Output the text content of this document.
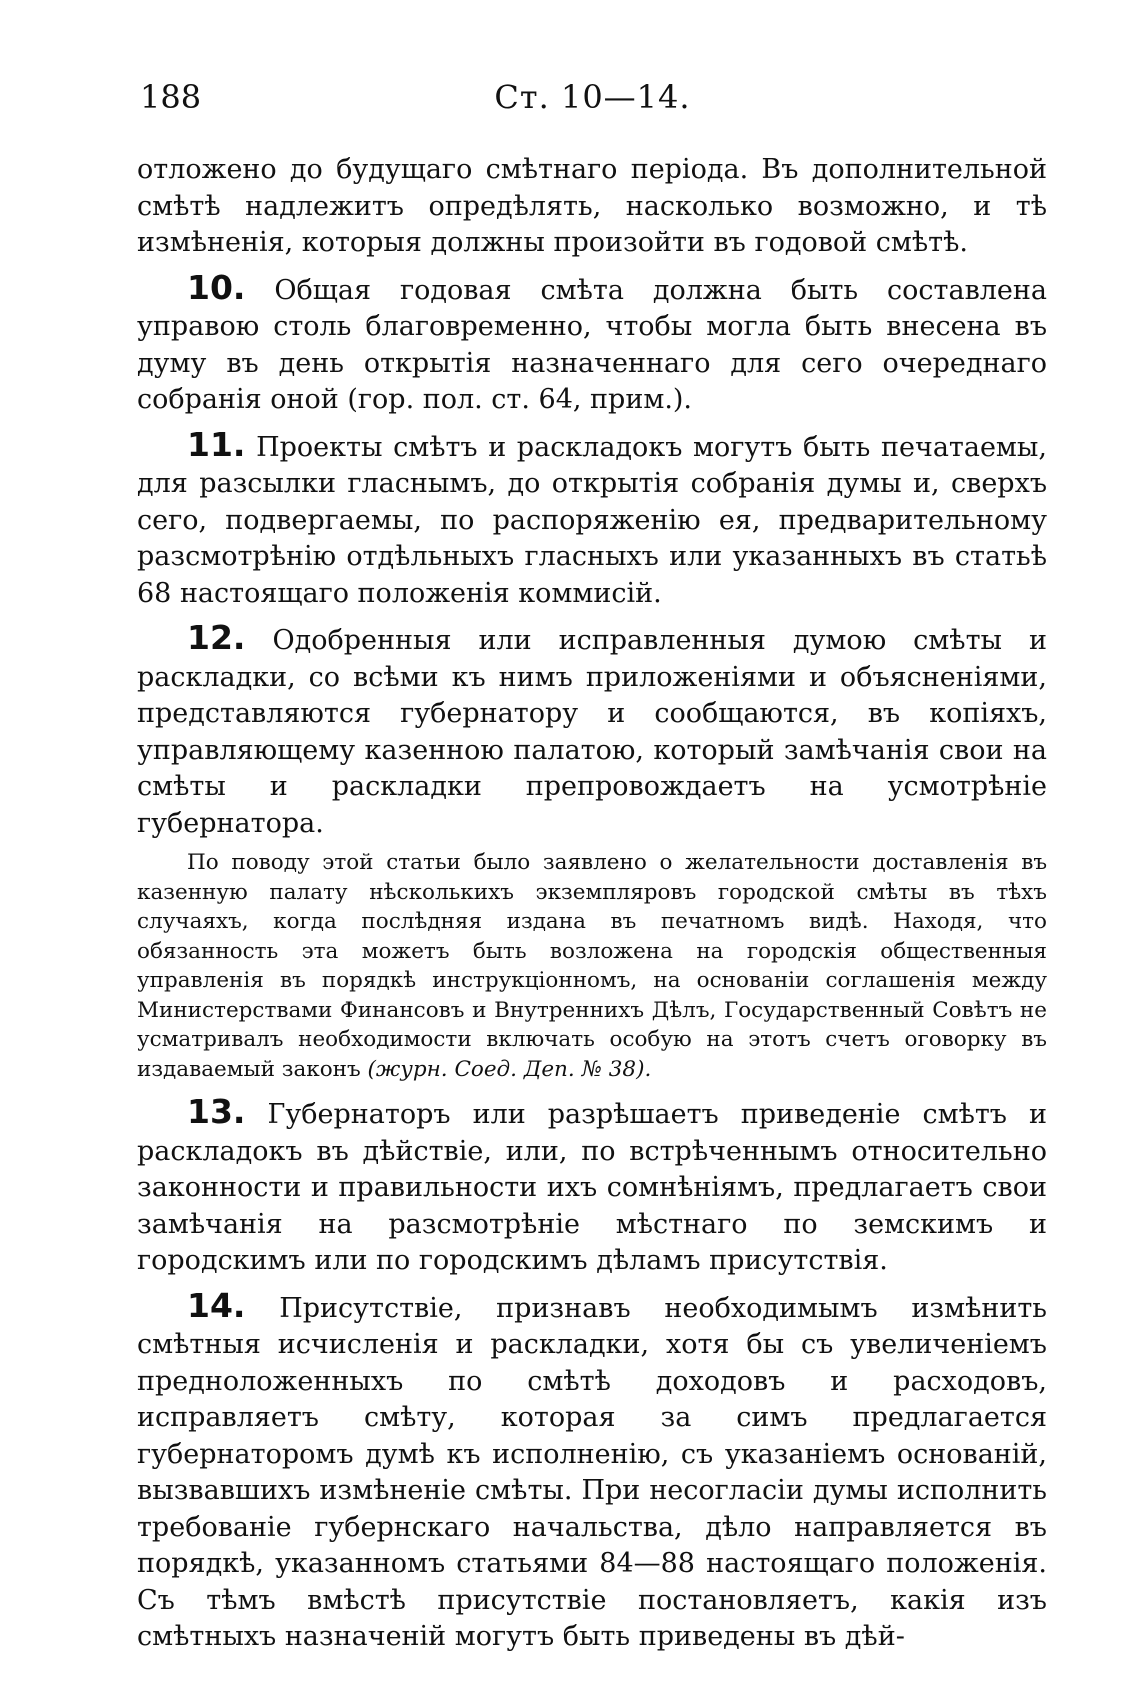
188	Ст. 10—14.

отложено до будущаго смѣтнаго періода. Въ дополнительной смѣтѣ надлежитъ опредѣлять, насколько возможно, и тѣ измѣненія, которыя должны произойти въ годовой смѣтѣ.

10. Общая годовая смѣта должна быть составлена управою столь благовременно, чтобы могла быть внесена въ думу въ день открытія назначеннаго для сего очереднаго собранія оной (гор. пол. ст. 64, прим.).

11. Проекты смѣтъ и раскладокъ могутъ быть печатаемы, для разсылки гласнымъ, до открытія собранія думы и, сверхъ сего, подвергаемы, по распоряженію ея, предварительному разсмотрѣнію отдѣльныхъ гласныхъ или указанныхъ въ статьѣ 68 настоящаго положенія коммисій.

12. Одобренныя или исправленныя думою смѣты и раскладки, со всѣми къ нимъ приложеніями и объясненіями, представляются губернатору и сообщаются, въ копіяхъ, управляющему казенною палатою, который замѣчанія свои на смѣты и раскладки препровождаетъ на усмотрѣніе губернатора.

По поводу этой статьи было заявлено о желательности доставленія въ казенную палату нѣсколькихъ экземпляровъ городской смѣты въ тѣхъ случаяхъ, когда послѣдняя издана въ печатномъ видѣ. Находя, что обязанность эта можетъ быть возложена на городскія общественныя управленія въ порядкѣ инструкціонномъ, на основаніи соглашенія между Министерствами Финансовъ и Внутреннихъ Дѣлъ, Государственный Совѣтъ не усматривалъ необходимости включать особую на этотъ счетъ оговорку въ издаваемый законъ (журн. Соед. Деп. № 38).

13. Губернаторъ или разрѣшаетъ приведеніе смѣтъ и раскладокъ въ дѣйствіе, или, по встрѣченнымъ относительно законности и правильности ихъ сомнѣніямъ, предлагаетъ свои замѣчанія на разсмотрѣніе мѣстнаго по земскимъ и городскимъ или по городскимъ дѣламъ присутствія.

14. Присутствіе, признавъ необходимымъ измѣнить смѣтныя исчисленія и раскладки, хотя бы съ увеличеніемъ предноложенныхъ по смѣтѣ доходовъ и расходовъ, исправляетъ смѣту, которая за симъ предлагается губернаторомъ думѣ къ исполненію, съ указаніемъ основаній, вызвавшихъ измѣненіе смѣты. При несогласіи думы исполнить требованіе губернскаго начальства, дѣло направляется въ порядкѣ, указанномъ статьями 84—88 настоящаго положенія. Съ тѣмъ вмѣстѣ присутствіе постановляетъ, какія изъ смѣтныхъ назначеній могутъ быть приведены въ дѣй-
